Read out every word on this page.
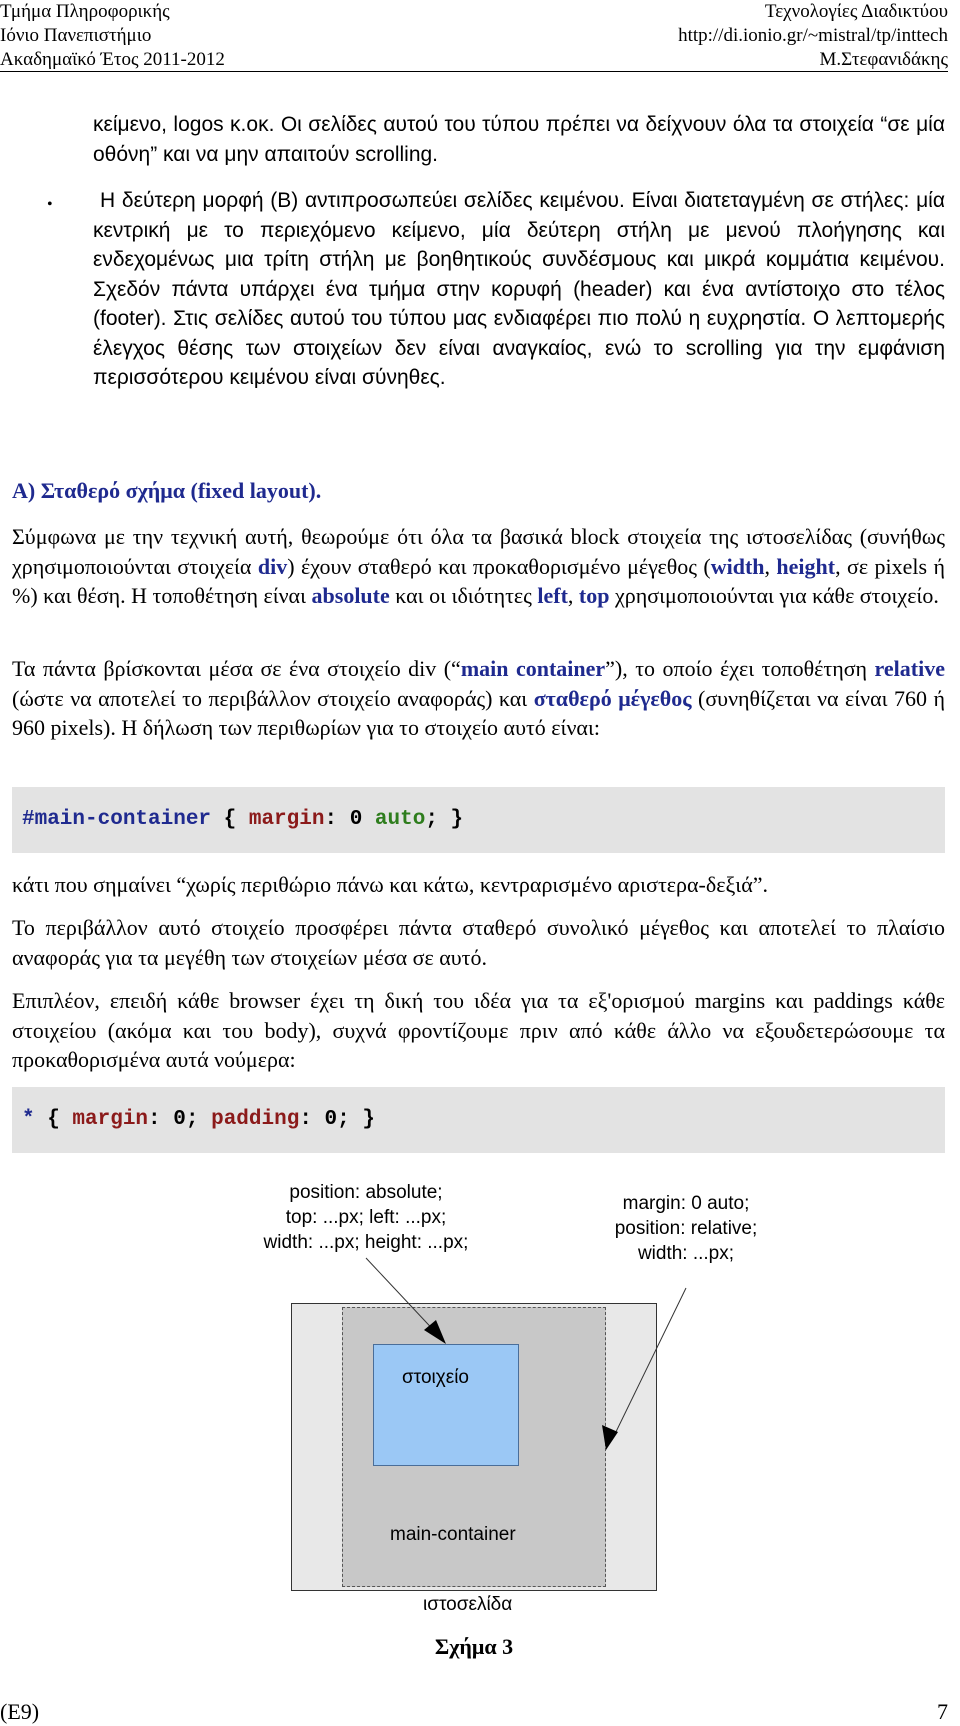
Τμήμα Πληροφορικής	Τεχνολογίες Διαδικτύου
Ιόνιο Πανεπιστήμιο	http://di.ionio.gr/~mistral/tp/inttech
Ακαδημαϊκό Έτος 2011-2012	Μ.Στεφανιδάκης

κείμενο, logos κ.οκ. Οι σελίδες αυτού του τύπου πρέπει να δείχνουν όλα τα στοιχεία “σε μία οθόνη” και να μην απαιτούν scrolling.

•	Η δεύτερη μορφή (Β) αντιπροσωπεύει σελίδες κειμένου. Είναι διατεταγμένη σε στήλες: μία κεντρική με το περιεχόμενο κείμενο, μία δεύτερη στήλη με μενού πλοήγησης και ενδεχομένως μια τρίτη στήλη με βοηθητικούς συνδέσμους και μικρά κομμάτια κειμένου. Σχεδόν πάντα υπάρχει ένα τμήμα στην κορυφή (header) και ένα αντίστοιχο στο τέλος (footer). Στις σελίδες αυτού του τύπου μας ενδιαφέρει πιο πολύ η ευχρηστία. Ο λεπτομερής έλεγχος θέσης των στοιχείων δεν είναι αναγκαίος, ενώ το scrolling για την εμφάνιση περισσότερου κειμένου είναι σύνηθες.

Α) Σταθερό σχήμα (fixed layout).

Σύμφωνα με την τεχνική αυτή, θεωρούμε ότι όλα τα βασικά block στοιχεία της ιστοσελίδας (συνήθως χρησιμοποιούνται στοιχεία div) έχουν σταθερό και προκαθορισμένο μέγεθος (width, height, σε pixels ή %) και θέση. Η τοποθέτηση είναι absolute και οι ιδιότητες left, top χρησιμοποιούνται για κάθε στοιχείο.

Τα πάντα βρίσκονται μέσα σε ένα στοιχείο div (“main container”), το οποίο έχει τοποθέτηση relative (ώστε να αποτελεί το περιβάλλον στοιχείο αναφοράς) και σταθερό μέγεθος (συνηθίζεται να είναι 760 ή 960 pixels). Η δήλωση των περιθωρίων για το στοιχείο αυτό είναι:

#main-container { margin: 0 auto; }

κάτι που σημαίνει “χωρίς περιθώριο πάνω και κάτω, κεντραρισμένο αριστερα-δεξιά”.

Το περιβάλλον αυτό στοιχείο προσφέρει πάντα σταθερό συνολικό μέγεθος και αποτελεί το πλαίσιο αναφοράς για τα μεγέθη των στοιχείων μέσα σε αυτό.

Επιπλέον, επειδή κάθε browser έχει τη δική του ιδέα για τα εξ'ορισμού margins και paddings κάθε στοιχείου (ακόμα και του body), συχνά φροντίζουμε πριν από κάθε άλλο να εξουδετερώσουμε τα προκαθορισμένα αυτά νούμερα:

* { margin: 0; padding: 0; }
position: absolute;
top: ...px; left: ...px;
width: ...px; height: ...px;
margin: 0 auto;
position: relative;
width: ...px;
στοιχείο
main-container
ιστοσελίδα
Σχήμα 3
(Ε9)	7
